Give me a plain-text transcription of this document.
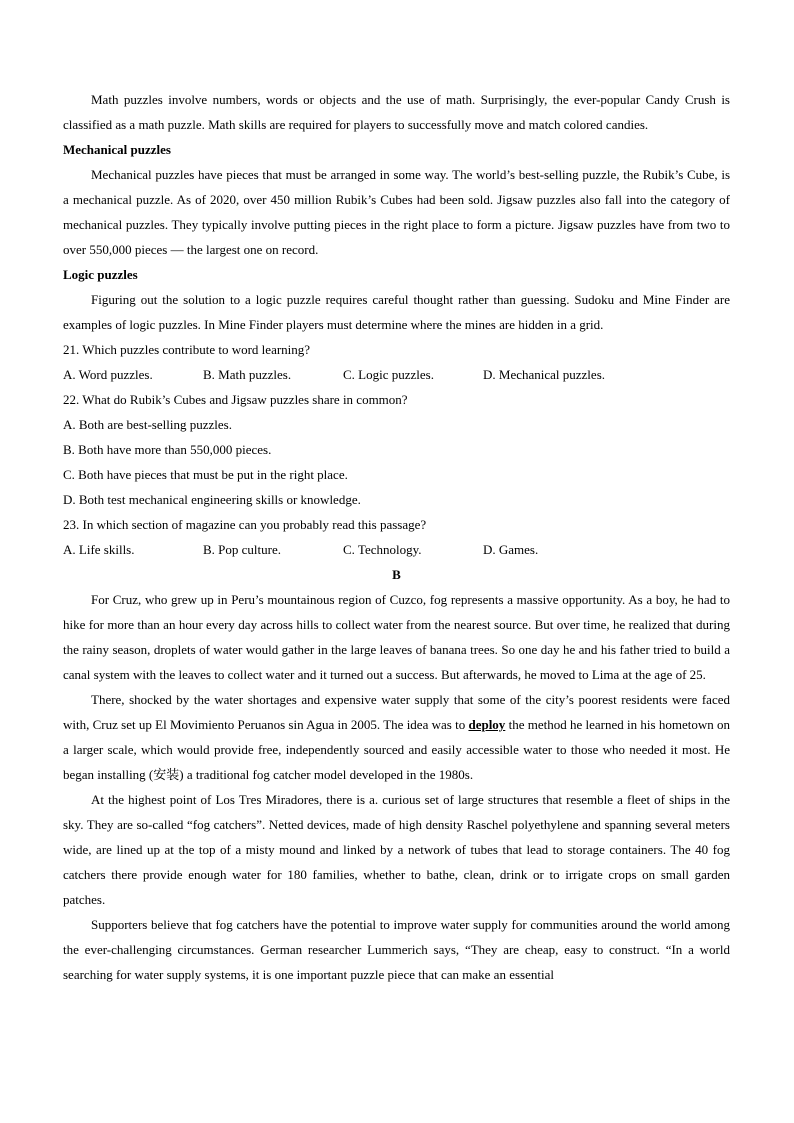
Math puzzles involve numbers, words or objects and the use of math. Surprisingly, the ever-popular Candy Crush is classified as a math puzzle. Math skills are required for players to successfully move and match colored candies.

Mechanical puzzles

Mechanical puzzles have pieces that must be arranged in some way. The world’s best-selling puzzle, the Rubik’s Cube, is a mechanical puzzle. As of 2020, over 450 million Rubik’s Cubes had been sold. Jigsaw puzzles also fall into the category of mechanical puzzles. They typically involve putting pieces in the right place to form a picture. Jigsaw puzzles have from two to over 550,000 pieces — the largest one on record.

Logic puzzles

Figuring out the solution to a logic puzzle requires careful thought rather than guessing. Sudoku and Mine Finder are examples of logic puzzles. In Mine Finder players must determine where the mines are hidden in a grid.

21. Which puzzles contribute to word learning?

A. Word puzzles.	B. Math puzzles.	C. Logic puzzles.	D. Mechanical puzzles.

22. What do Rubik’s Cubes and Jigsaw puzzles share in common?

A. Both are best-selling puzzles.

B. Both have more than 550,000 pieces.

C. Both have pieces that must be put in the right place.

D. Both test mechanical engineering skills or knowledge.

23. In which section of magazine can you probably read this passage?

A. Life skills.	B. Pop culture.	C. Technology.	D. Games.

B

For Cruz, who grew up in Peru’s mountainous region of Cuzco, fog represents a massive opportunity. As a boy, he had to hike for more than an hour every day across hills to collect water from the nearest source. But over time, he realized that during the rainy season, droplets of water would gather in the large leaves of banana trees. So one day he and his father tried to build a canal system with the leaves to collect water and it turned out a success. But afterwards, he moved to Lima at the age of 25.

There, shocked by the water shortages and expensive water supply that some of the city’s poorest residents were faced with, Cruz set up El Movimiento Peruanos sin Agua in 2005. The idea was to deploy the method he learned in his hometown on a larger scale, which would provide free, independently sourced and easily accessible water to those who needed it most. He began installing (安装) a traditional fog catcher model developed in the 1980s.

At the highest point of Los Tres Miradores, there is a. curious set of large structures that resemble a fleet of ships in the sky. They are so-called “fog catchers”. Netted devices, made of high density Raschel polyethylene and spanning several meters wide, are lined up at the top of a misty mound and linked by a network of tubes that lead to storage containers. The 40 fog catchers there provide enough water for 180 families, whether to bathe, clean, drink or to irrigate crops on small garden patches.

Supporters believe that fog catchers have the potential to improve water supply for communities around the world among the ever-challenging circumstances. German researcher Lummerich says, “They are cheap, easy to construct. “In a world searching for water supply systems, it is one important puzzle piece that can make an essential
